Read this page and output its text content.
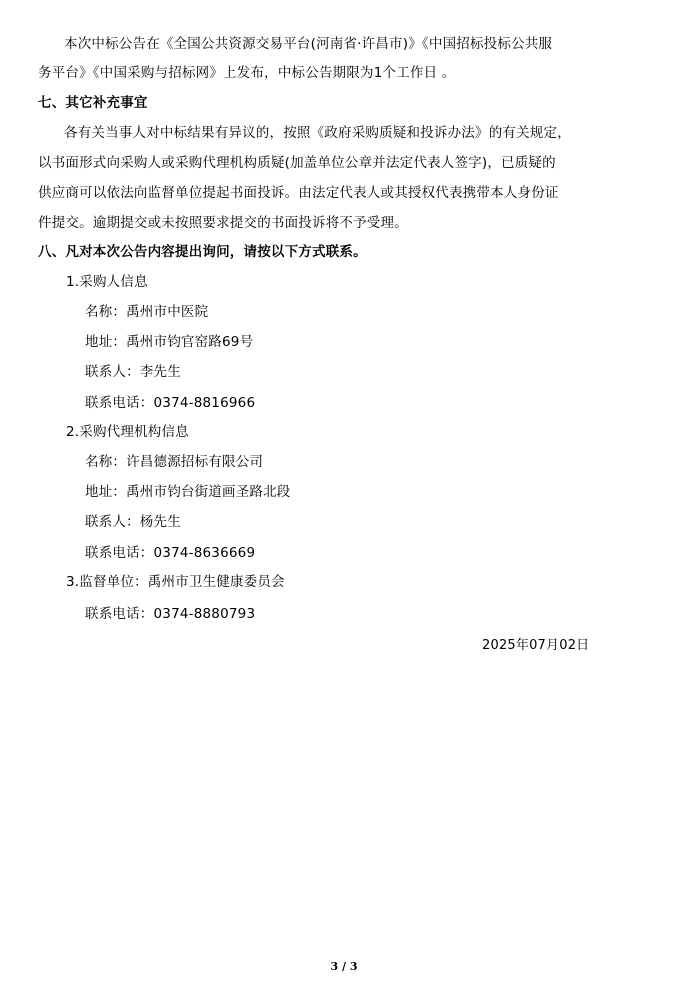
本次中标公告在《全国公共资源交易平台(河南省·许昌市)》《中国招标投标公共服
务平台》《中国采购与招标网》上发布，中标公告期限为1个工作日 。
七、其它补充事宜
各有关当事人对中标结果有异议的，按照《政府采购质疑和投诉办法》的有关规定，
以书面形式向采购人或采购代理机构质疑(加盖单位公章并法定代表人签字)，已质疑的
供应商可以依法向监督单位提起书面投诉。由法定代表人或其授权代表携带本人身份证
件提交。逾期提交或未按照要求提交的书面投诉将不予受理。
八、凡对本次公告内容提出询问，请按以下方式联系。
1.采购人信息
名称：禹州市中医院
地址：禹州市钧官窑路69号
联系人：李先生
联系电话：0374-8816966
2.采购代理机构信息
名称：许昌德源招标有限公司
地址：禹州市钧台街道画圣路北段
联系人：杨先生
联系电话：0374-8636669
3.监督单位：禹州市卫生健康委员会
联系电话：0374-8880793
2025年07月02日
3 / 3
